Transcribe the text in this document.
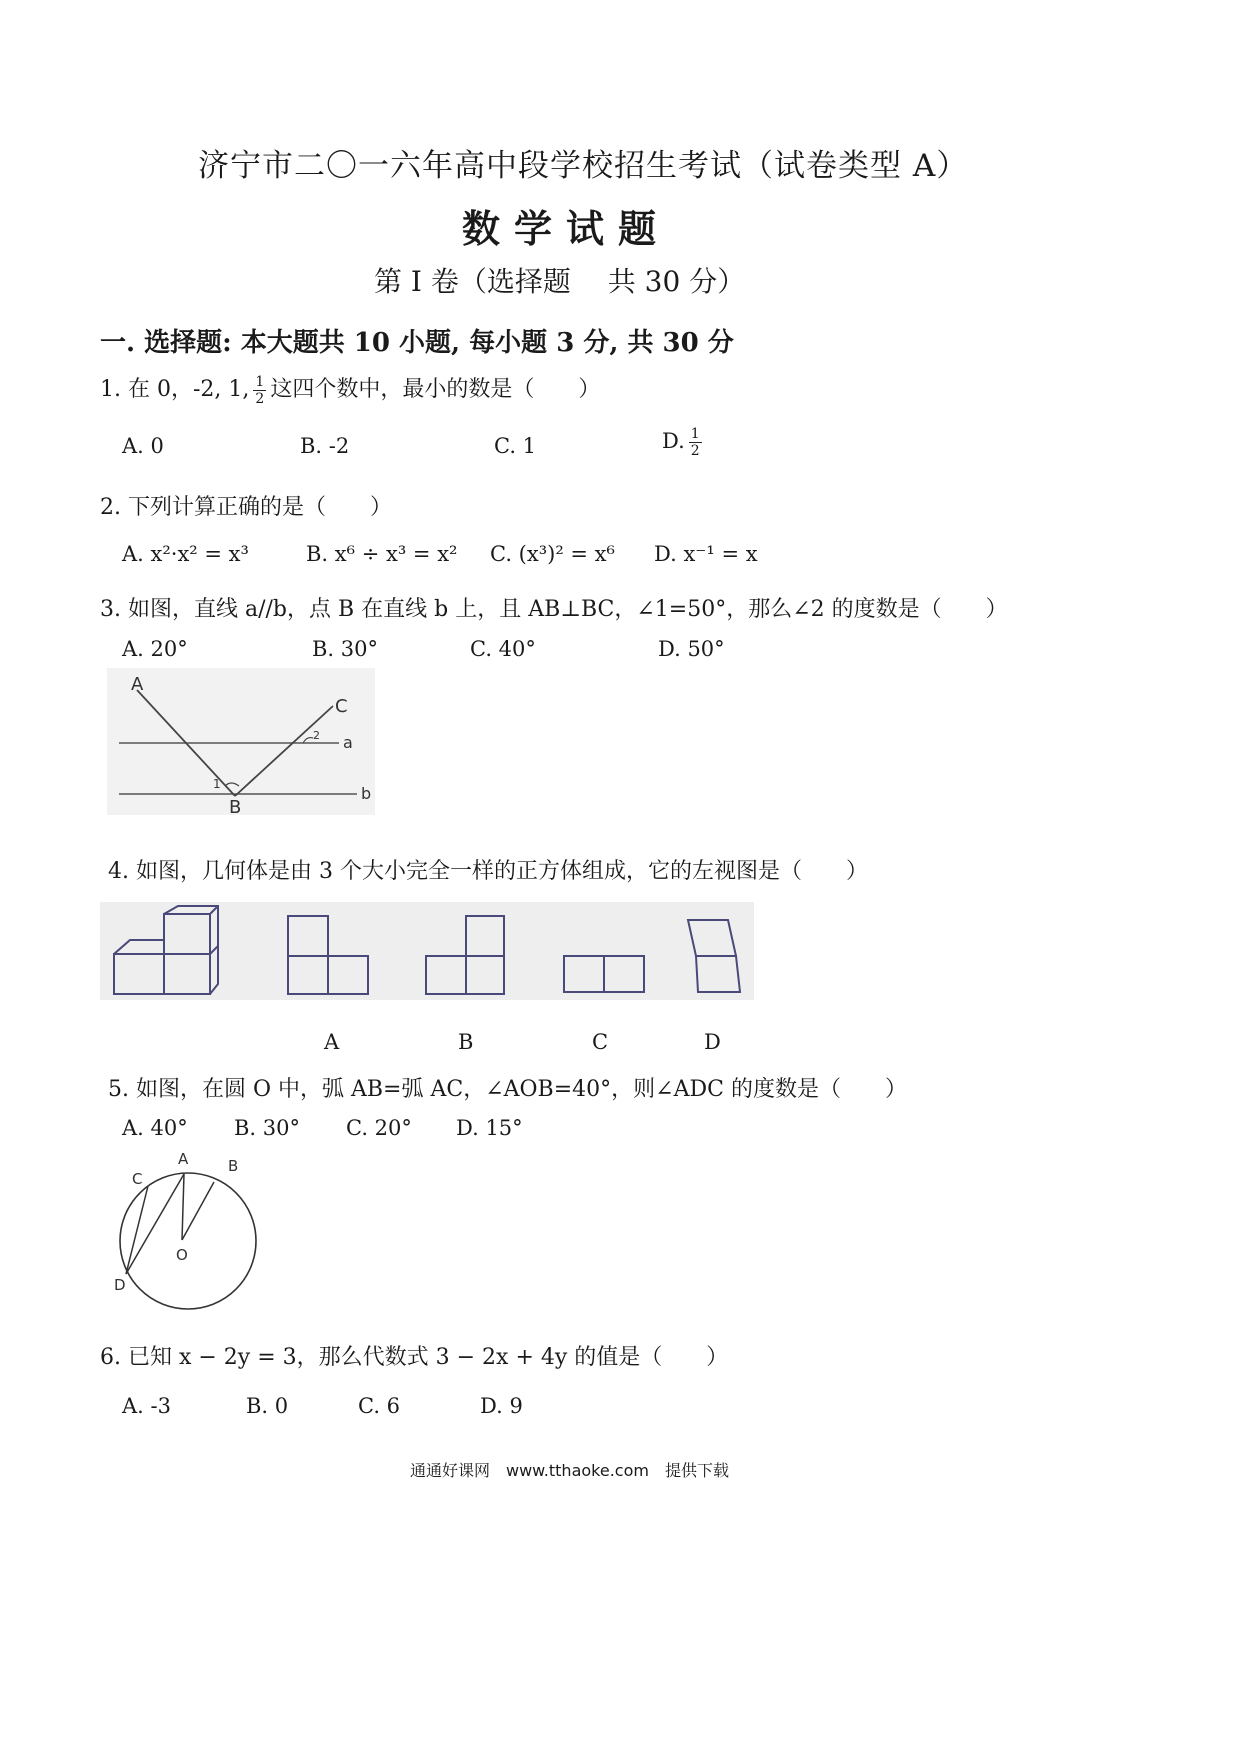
济宁市二〇一六年高中段学校招生考试（试卷类型 A）
数学试题
第 I 卷（选择题　 共 30 分）
一. 选择题: 本大题共 10 小题, 每小题 3 分, 共 30 分
1. 在 0，-2, 1, $\frac{1}{2}$ 这四个数中，最小的数是（　　）
A. 0	B. -2	C. 1	D. $\frac{1}{2}$
2. 下列计算正确的是（　　）
A. x²·x² = x³	B. x⁶ ÷ x³ = x² C. (x³)² = x⁶ D. x⁻¹ = x
3. 如图，直线 a//b，点 B 在直线 b 上，且 AB⊥BC，∠1=50°，那么∠2 的度数是（　　）
A. 20°	B. 30°	C. 40°	D. 50°
A
B
C
a
b
1
2
4. 如图，几何体是由 3 个大小完全一样的正方体组成，它的左视图是（　　）
A	B	C	D
5. 如图，在圆 O 中，弧 AB=弧 AC，∠AOB=40°，则∠ADC 的度数是（　　）
A. 40° B. 30° C. 20° D. 15°
A	B
C
D
O
6. 已知 x − 2y = 3，那么代数式 3 − 2x + 4y 的值是（　　）
A. -3	B. 0	C. 6	D. 9
通通好课网　www.tthaoke.com　提供下载
